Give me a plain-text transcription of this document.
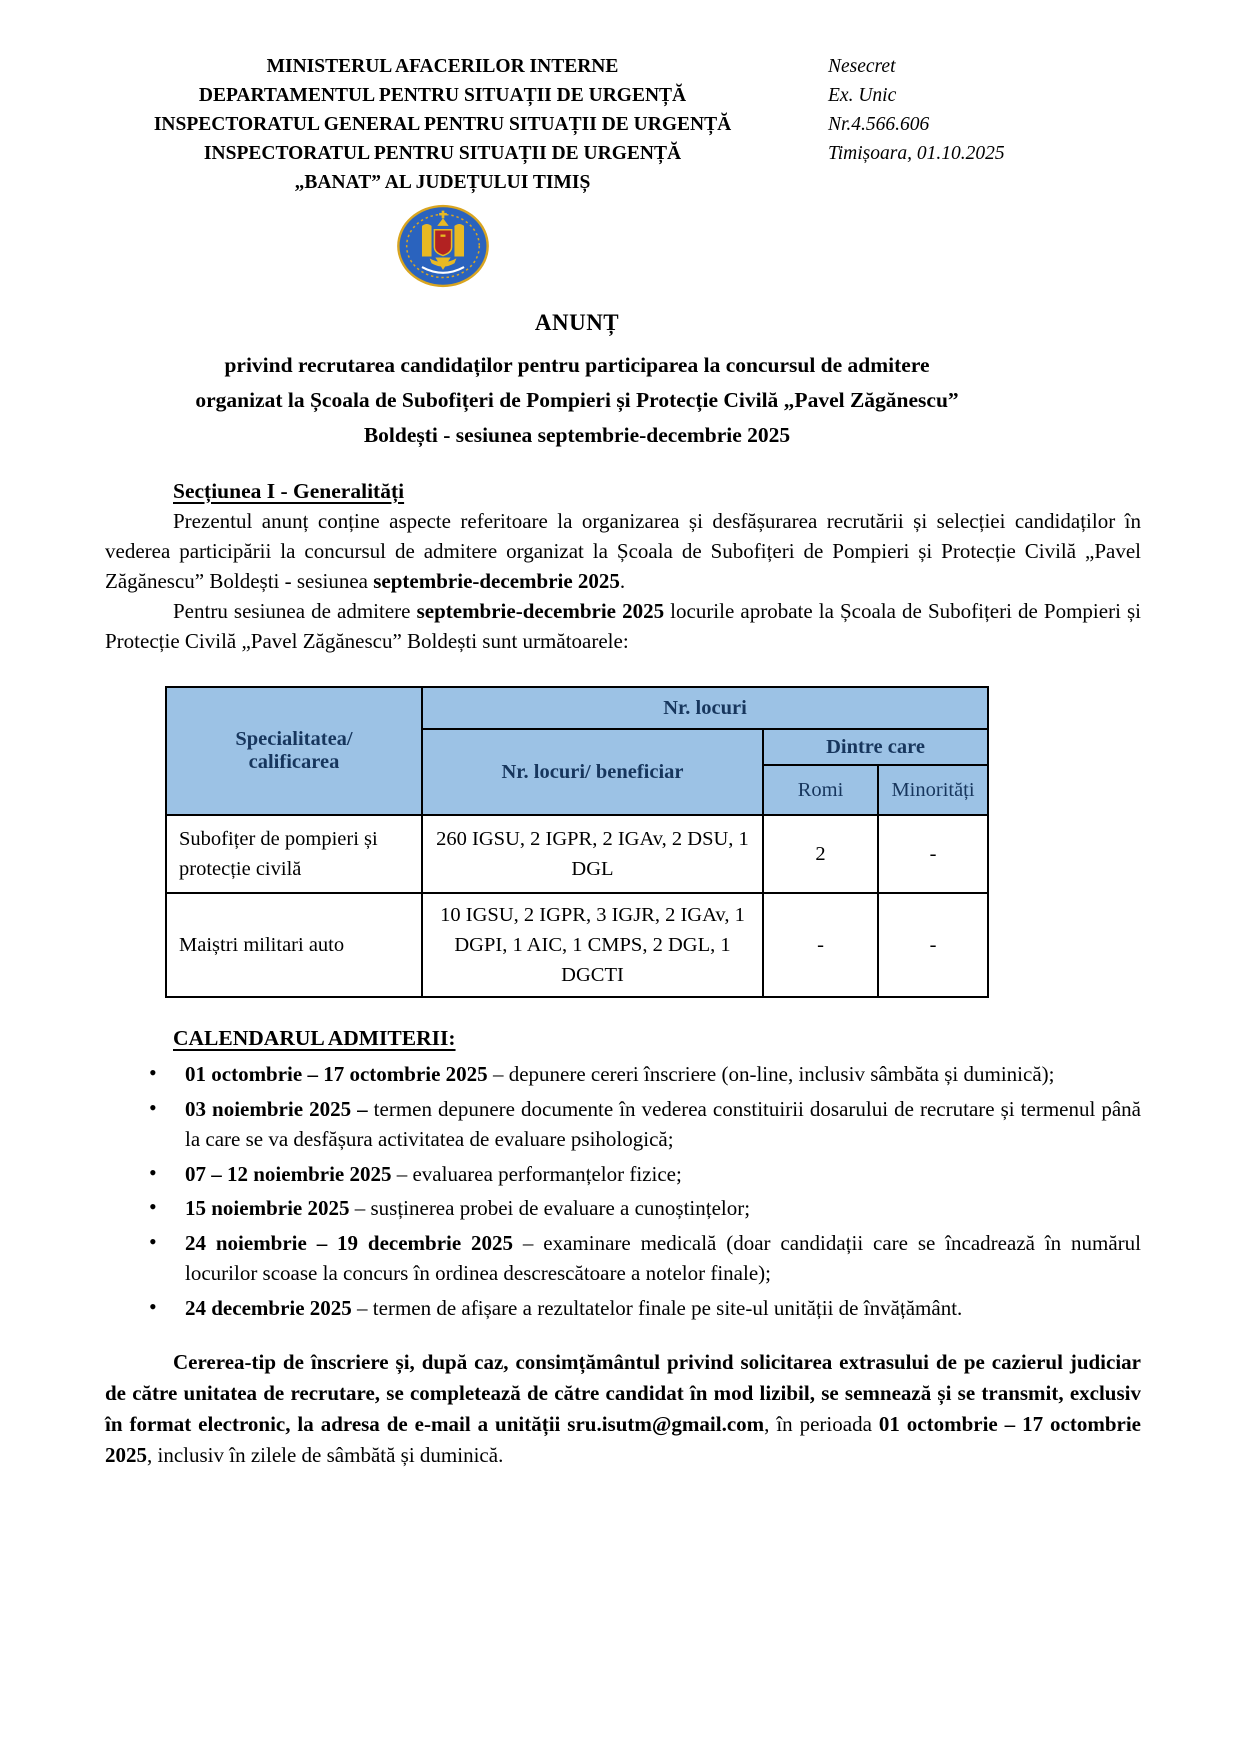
MINISTERUL AFACERILOR INTERNE
DEPARTAMENTUL PENTRU SITUAȚII DE URGENȚĂ
INSPECTORATUL GENERAL PENTRU SITUAȚII DE URGENȚĂ
INSPECTORATUL PENTRU SITUAȚII DE URGENȚĂ
„BANAT” AL JUDEȚULUI TIMIȘ
Nesecret
Ex. Unic
Nr.4.566.606
Timișoara, 01.10.2025
ANUNȚ
privind recrutarea candidaților pentru participarea la concursul de admitere
organizat la Școala de Subofițeri de Pompieri și Protecție Civilă „Pavel Zăgănescu”
Boldești - sesiunea septembrie-decembrie 2025
Secțiunea I - Generalități

Prezentul anunț conține aspecte referitoare la organizarea și desfășurarea recrutării și selecției candidaților în vederea participării la concursul de admitere organizat la Școala de Subofițeri de Pompieri și Protecție Civilă „Pavel Zăgănescu” Boldești - sesiunea septembrie-decembrie 2025.

Pentru sesiunea de admitere septembrie-decembrie 2025 locurile aprobate la Școala de Subofițeri de Pompieri și Protecție Civilă „Pavel Zăgănescu” Boldești sunt următoarele:

Specialitatea/
calificarea	Nr. locuri		
	Nr. locuri/ beneficiar	Dintre care	
		Romi	Minorități
Subofițer de pompieri și protecție civilă	260 IGSU, 2 IGPR, 2 IGAv, 2 DSU, 1 DGL	2	-
Maiștri militari auto	10 IGSU, 2 IGPR, 3 IGJR, 2 IGAv, 1 DGPI, 1 AIC, 1 CMPS, 2 DGL, 1 DGCTI	-	-
CALENDARUL ADMITERII:
• 01 octombrie – 17 octombrie 2025 – depunere cereri înscriere (on-line, inclusiv sâmbăta și duminică);
• 03 noiembrie 2025 – termen depunere documente în vederea constituirii dosarului de recrutare și termenul până la care se va desfășura activitatea de evaluare psihologică;
• 07 – 12 noiembrie 2025 – evaluarea performanțelor fizice;
• 15 noiembrie 2025 – susținerea probei de evaluare a cunoștințelor;
• 24 noiembrie – 19 decembrie 2025 – examinare medicală (doar candidații care se încadrează în numărul locurilor scoase la concurs în ordinea descrescătoare a notelor finale);
• 24 decembrie 2025 – termen de afișare a rezultatelor finale pe site-ul unității de învățământ.

Cererea-tip de înscriere și, după caz, consimțământul privind solicitarea extrasului de pe cazierul judiciar de către unitatea de recrutare, se completează de către candidat în mod lizibil, se semnează și se transmit, exclusiv în format electronic, la adresa de e-mail a unității sru.isutm@gmail.com, în perioada 01 octombrie – 17 octombrie 2025, inclusiv în zilele de sâmbătă și duminică.
